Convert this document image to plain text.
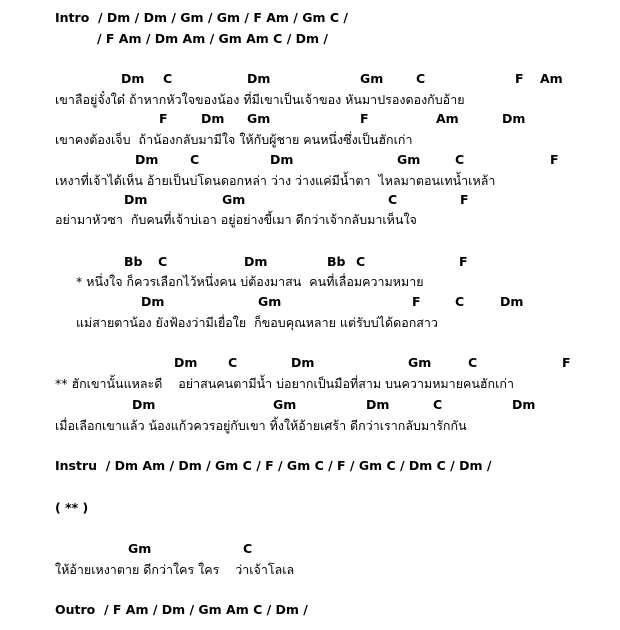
Intro  / Dm / Dm / Gm / Gm / F Am / Gm C /
/ F Am / Dm Am / Gm Am C / Dm /
Dm C	Dm	Gm	C	F Am
เขาลือยู่จั๋งใด๋ ถ้าหากหัวใจของน้อง ที่มีเขาเป็นเจ้าของ หันมาปรองดองกับอ้าย
F	Dm Gm	F	Am	Dm
เขาคงต้องเจ็บ  ถ้าน้องกลับมามีใจ ให้กับผู้ชาย คนหนึ่งซึ่งเป็นฮักเก่า
Dm	C	Dm	Gm	C	F
เหงาที่เจ้าได้เห็น อ้ายเป็นบ่โดนดอกหล่า ว่าง ว่างแค่มีน้ำตา  ไหลมาตอนเทน้ำเหล้า
Dm	Gm	C	F
อย่ามาหัวซา  กับคนที่เจ้าบ่เอา อยู่อย่างขี้เมา ดีกว่าเจ้ากลับมาเห็นใจ
Bb C	Dm	Bb C	F
* หนึ่งใจ ก็ควรเลือกไว้หนึ่งคน บ่ต้องมาสน  คนที่เลื่อมความหมาย
Dm	Gm	F	C	Dm
แม่สายตาน้อง ยังฟ้องว่ามีเยื่อใย  ก็ขอบคุณหลาย แต่รับบ่ได้ดอกสาว
Dm C	Dm	Gm	C	F
** ฮักเขานั้นแหละดี    อย่าสนคนตามีน้ำ บ่อยากเป็นมือที่สาม บนความหมายคนฮักเก่า
Dm	Gm	Dm	C	Dm
เมื่อเลือกเขาแล้ว น้องแก้วควรอยู่กับเขา ทิ้งให้อ้ายเศร้า ดีกว่าเรากลับมารักกัน
Instru  / Dm Am / Dm / Gm C / F / Gm C / F / Gm C / Dm C / Dm /
( ** )
Gm	C
ให้อ้ายเหงาตาย ดีกว่าใคร ใคร    ว่าเจ้าโลเล
Outro  / F Am / Dm / Gm Am C / Dm /
